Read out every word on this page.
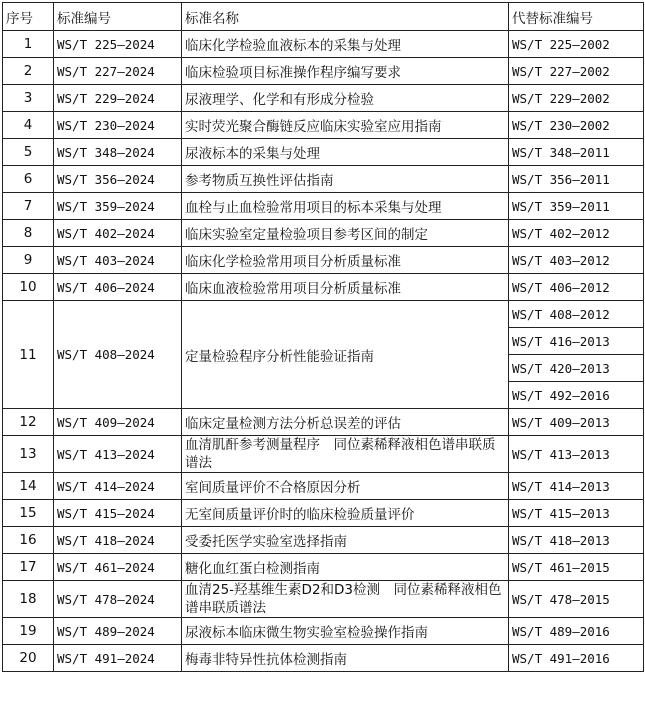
序号	标准编号	标准名称	代替标准编号
1	WS/T 225—2024	临床化学检验血液标本的采集与处理	WS/T 225—2002
2	WS/T 227—2024	临床检验项目标准操作程序编写要求	WS/T 227—2002
3	WS/T 229—2024	尿液理学、化学和有形成分检验	WS/T 229—2002
4	WS/T 230—2024	实时荧光聚合酶链反应临床实验室应用指南	WS/T 230—2002
5	WS/T 348—2024	尿液标本的采集与处理	WS/T 348—2011
6	WS/T 356—2024	参考物质互换性评估指南	WS/T 356—2011
7	WS/T 359—2024	血栓与止血检验常用项目的标本采集与处理	WS/T 359—2011
8	WS/T 402—2024	临床实验室定量检验项目参考区间的制定	WS/T 402—2012
9	WS/T 403—2024	临床化学检验常用项目分析质量标准	WS/T 403—2012
10	WS/T 406—2024	临床血液检验常用项目分析质量标准	WS/T 406—2012
11	WS/T 408—2024	定量检验程序分析性能验证指南	WS/T 408—2012
			WS/T 416—2013
			WS/T 420—2013
			WS/T 492—2016
12	WS/T 409—2024	临床定量检测方法分析总误差的评估	WS/T 409—2013
13	WS/T 413—2024	血清肌酐参考测量程序　同位素稀释液相色谱串联质谱法	WS/T 413—2013
14	WS/T 414—2024	室间质量评价不合格原因分析	WS/T 414—2013
15	WS/T 415—2024	无室间质量评价时的临床检验质量评价	WS/T 415—2013
16	WS/T 418—2024	受委托医学实验室选择指南	WS/T 418—2013
17	WS/T 461—2024	糖化血红蛋白检测指南	WS/T 461—2015
18	WS/T 478—2024	血清25-羟基维生素D2和D3检测　同位素稀释液相色谱串联质谱法	WS/T 478—2015
19	WS/T 489—2024	尿液标本临床微生物实验室检验操作指南	WS/T 489—2016
20	WS/T 491—2024	梅毒非特异性抗体检测指南	WS/T 491—2016
